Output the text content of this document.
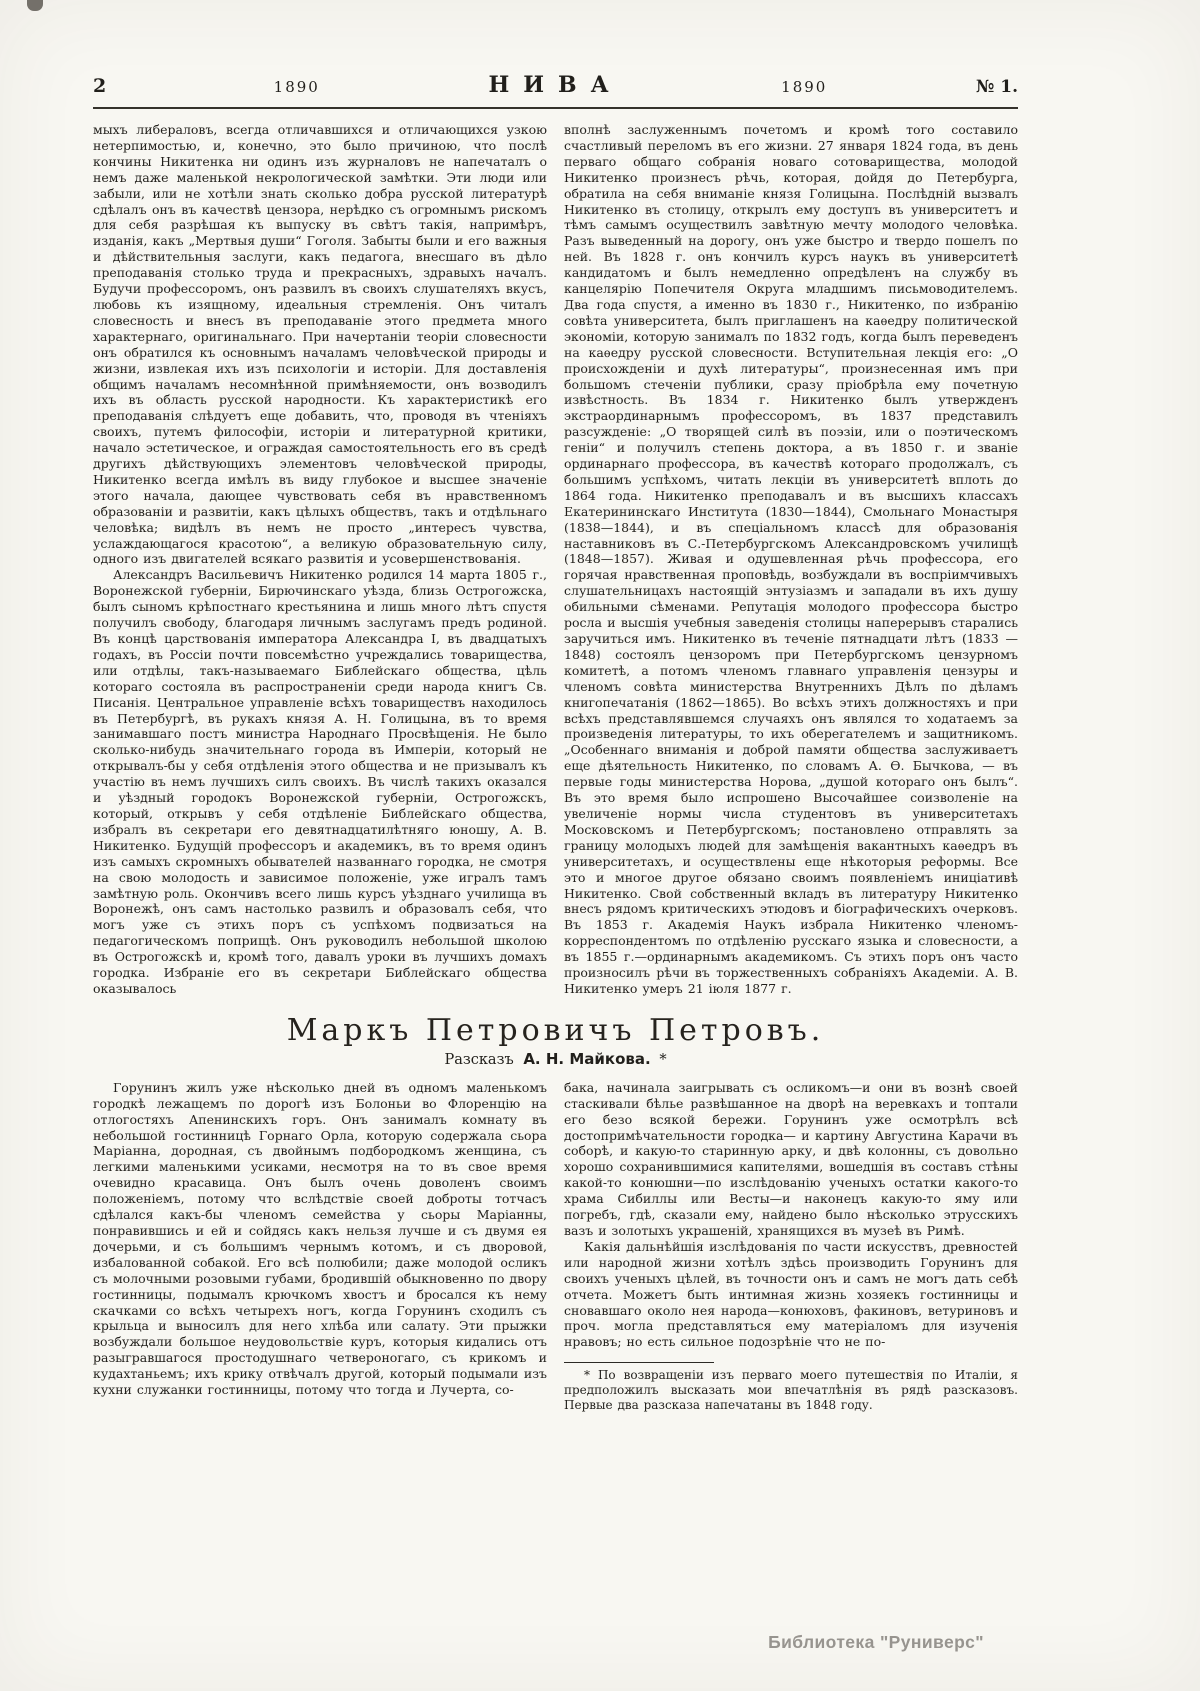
2	1890	НИВА	1890	№ 1.

мыхъ либераловъ, всегда отличавшихся и отличающихся узкою нетерпимостью, и, конечно, это было причиною, что послѣ кончины Никитенка ни одинъ изъ журналовъ не напечаталъ о немъ даже маленькой некрологической замѣтки. Эти люди или забыли, или не хотѣли знать сколько добра русской литературѣ сдѣлалъ онъ въ качествѣ цензора, нерѣдко съ огромнымъ рискомъ для себя разрѣшая къ выпуску въ свѣтъ такія, напримѣръ, изданія, какъ „Мертвыя души“ Гоголя. Забыты были и его важныя и дѣйствительныя заслуги, какъ педагога, внесшаго въ дѣло преподаванія столько труда и прекрасныхъ, здравыхъ началъ. Будучи профессоромъ, онъ развилъ въ своихъ слушателяхъ вкусъ, любовь къ изящному, идеальныя стремленія. Онъ читалъ словесность и внесъ въ преподаваніе этого предмета много характернаго, оригинальнаго. При начертаніи теоріи словесности онъ обратился къ основнымъ началамъ человѣческой природы и жизни, извлекая ихъ изъ психологіи и исторіи. Для доставленія общимъ началамъ несомнѣнной примѣняемости, онъ возводилъ ихъ въ область русской народности. Къ характеристикѣ его преподаванія слѣдуетъ еще добавить, что, проводя въ чтеніяхъ своихъ, путемъ философіи, исторіи и литературной критики, начало эстетическое, и ограждая самостоятельность его въ средѣ другихъ дѣйствующихъ элементовъ человѣческой природы, Никитенко всегда имѣлъ въ виду глубокое и высшее значеніе этого начала, дающее чувствовать себя въ нравственномъ образованіи и развитіи, какъ цѣлыхъ обществъ, такъ и отдѣльнаго человѣка; видѣлъ въ немъ не просто „интересъ чувства, услаждающагося красотою“, а великую образовательную силу, одного изъ двигателей всякаго развитія и усовершенствованія.

Александръ Васильевичъ Никитенко родился 14 марта 1805 г., Воронежской губерніи, Бирючинскаго уѣзда, близь Острогожска, былъ сыномъ крѣпостнаго крестьянина и лишь много лѣтъ спустя получилъ свободу, благодаря личнымъ заслугамъ предъ родиной. Въ концѣ царствованія императора Александра I, въ двадцатыхъ годахъ, въ Россіи почти повсемѣстно учреждались товарищества, или отдѣлы, такъ-называемаго Библейскаго общества, цѣль котораго состояла въ распространеніи среди народа книгъ Св. Писанія. Центральное управленіе всѣхъ товариществъ находилось въ Петербургѣ, въ рукахъ князя А. Н. Голицына, въ то время занимавшаго постъ министра Народнаго Просвѣщенія. Не было сколько-нибудь значительнаго города въ Имперіи, который не открывалъ-бы у себя отдѣленія этого общества и не призывалъ къ участію въ немъ лучшихъ силъ своихъ. Въ числѣ такихъ оказался и уѣздный городокъ Воронежской губерніи, Острогожскъ, который, открывъ у себя отдѣленіе Библейскаго общества, избралъ въ секретари его девятнадцатилѣтняго юношу, А. В. Никитенко. Будущій профессоръ и академикъ, въ то время одинъ изъ самыхъ скромныхъ обывателей названнаго городка, не смотря на свою молодость и зависимое положеніе, уже игралъ тамъ замѣтную роль. Окончивъ всего лишь курсъ уѣзднаго училища въ Воронежѣ, онъ самъ настолько развилъ и образовалъ себя, что могъ уже съ этихъ поръ съ успѣхомъ подвизаться на педагогическомъ поприщѣ. Онъ руководилъ небольшой школою въ Острогожскѣ и, кромѣ того, давалъ уроки въ лучшихъ домахъ городка. Избраніе его въ секретари Библейскаго общества оказывалось

вполнѣ заслуженнымъ почетомъ и кромѣ того составило счастливый переломъ въ его жизни. 27 января 1824 года, въ день перваго общаго собранія новаго сотоварищества, молодой Никитенко произнесъ рѣчь, которая, дойдя до Петербурга, обратила на себя вниманіе князя Голицына. Послѣдній вызвалъ Никитенко въ столицу, открылъ ему доступъ въ университетъ и тѣмъ самымъ осуществилъ завѣтную мечту молодого человѣка. Разъ выведенный на дорогу, онъ уже быстро и твердо пошелъ по ней. Въ 1828 г. онъ кончилъ курсъ наукъ въ университетѣ кандидатомъ и былъ немедленно опредѣленъ на службу въ канцелярію Попечителя Округа младшимъ письмоводителемъ. Два года спустя, а именно въ 1830 г., Никитенко, по избранію совѣта университета, былъ приглашенъ на каѳедру политической экономіи, которую занималъ по 1832 годъ, когда былъ переведенъ на каѳедру русской словесности. Вступительная лекція его: „О происхожденіи и духѣ литературы“, произнесенная имъ при большомъ стеченіи публики, сразу пріобрѣла ему почетную извѣстность. Въ 1834 г. Никитенко былъ утвержденъ экстраординарнымъ профессоромъ, въ 1837 представилъ разсужденіе: „О творящей силѣ въ поэзіи, или о поэтическомъ геніи“ и получилъ степень доктора, а въ 1850 г. и званіе ординарнаго профессора, въ качествѣ котораго продолжалъ, съ большимъ успѣхомъ, читать лекціи въ университетѣ вплоть до 1864 года. Никитенко преподавалъ и въ высшихъ классахъ Екатерининскаго Института (1830—1844), Смольнаго Монастыря (1838—1844), и въ спеціальномъ классѣ для образованія наставниковъ въ С.-Петербургскомъ Александровскомъ училищѣ (1848—1857). Живая и одушевленная рѣчь профессора, его горячая нравственная проповѣдь, возбуждали въ воспріимчивыхъ слушательницахъ настоящій энтузіазмъ и западали въ ихъ душу обильными сѣменами. Репутація молодого профессора быстро росла и высшія учебныя заведенія столицы наперерывъ старались заручиться имъ. Никитенко въ теченіе пятнадцати лѣтъ (1833 — 1848) состоялъ цензоромъ при Петербургскомъ цензурномъ комитетѣ, а потомъ членомъ главнаго управленія цензуры и членомъ совѣта министерства Внутреннихъ Дѣлъ по дѣламъ книгопечатанія (1862—1865). Во всѣхъ этихъ должностяхъ и при всѣхъ представлявшемся случаяхъ онъ являлся то ходатаемъ за произведенія литературы, то ихъ оберегателемъ и защитникомъ. „Особеннаго вниманія и доброй памяти общества заслуживаетъ еще дѣятельность Никитенко, по словамъ А. Ѳ. Бычкова, — въ первые годы министерства Норова, „душой котораго онъ былъ“. Въ это время было испрошено Высочайшее соизволеніе на увеличеніе нормы числа студентовъ въ университетахъ Московскомъ и Петербургскомъ; постановлено отправлять за границу молодыхъ людей для замѣщенія вакантныхъ каѳедръ въ университетахъ, и осуществлены еще нѣкоторыя реформы. Все это и многое другое обязано своимъ появленіемъ иниціативѣ Никитенко. Свой собственный вкладъ въ литературу Никитенко внесъ рядомъ критическихъ этюдовъ и біографическихъ очерковъ. Въ 1853 г. Академія Наукъ избрала Никитенко членомъ-корреспондентомъ по отдѣленію русскаго языка и словесности, а въ 1855 г.—ординарнымъ академикомъ. Съ этихъ поръ онъ часто произносилъ рѣчи въ торжественныхъ собраніяхъ Академіи. А. В. Никитенко умеръ 21 іюля 1877 г.

Маркъ Петровичъ Петровъ.
Разсказъ А. Н. Майкова. *

Горунинъ жилъ уже нѣсколько дней въ одномъ маленькомъ городкѣ лежащемъ по дорогѣ изъ Болоньи во Флоренцію на отлогостяхъ Апенинскихъ горъ. Онъ занималъ комнату въ небольшой гостинницѣ Горнаго Орла, которую содержала сьора Маріанна, дородная, съ двойнымъ подбородкомъ женщина, съ легкими маленькими усиками, несмотря на то въ свое время очевидно красавица. Онъ былъ очень доволенъ своимъ положеніемъ, потому что вслѣдствіе своей доброты тотчасъ сдѣлался какъ-бы членомъ семейства у сьоры Маріанны, понравившись и ей и сойдясь какъ нельзя лучше и съ двумя ея дочерьми, и съ большимъ чернымъ котомъ, и съ дворовой, избалованной собакой. Его всѣ полюбили; даже молодой осликъ съ молочными розовыми губами, бродившій обыкновенно по двору гостинницы, подымалъ крючкомъ хвостъ и бросался къ нему скачками со всѣхъ четырехъ ногъ, когда Горунинъ сходилъ съ крыльца и выносилъ для него хлѣба или салату. Эти прыжки возбуждали большое неудовольствіе куръ, которыя кидались отъ разыгравшагося простодушнаго четвероногаго, съ крикомъ и кудахтаньемъ; ихъ крику отвѣчалъ другой, который подымали изъ кухни служанки гостинницы, потому что тогда и Лучерта, со-

бака, начинала заигрывать съ осликомъ—и они въ вознѣ своей стаскивали бѣлье развѣшанное на дворѣ на веревкахъ и топтали его безо всякой бережи. Горунинъ уже осмотрѣлъ всѣ достопримѣчательности городка— и картину Августина Карачи въ соборѣ, и какую-то старинную арку, и двѣ колонны, съ довольно хорошо сохранившимися капителями, вошедшія въ составъ стѣны какой-то конюшни—по изслѣдованію ученыхъ остатки какого-то храма Сибиллы или Весты—и наконецъ какую-то яму или погребъ, гдѣ, сказали ему, найдено было нѣсколько этрусскихъ вазъ и золотыхъ украшеній, хранящихся въ музеѣ въ Римѣ.

Какія дальнѣйшія изслѣдованія по части искусствъ, древностей или народной жизни хотѣлъ здѣсь производить Горунинъ для своихъ ученыхъ цѣлей, въ точности онъ и самъ не могъ дать себѣ отчета. Можетъ быть интимная жизнь хозяекъ гостинницы и сновавшаго около нея народа—конюховъ, факиновъ, ветуриновъ и проч. могла представляться ему матеріаломъ для изученія нравовъ; но есть сильное подозрѣніе что не по-

* По возвращеніи изъ перваго моего путешествія по Италіи, я предположилъ высказать мои впечатлѣнія въ рядѣ разсказовъ. Первые два разсказа напечатаны въ 1848 году.

Библиотека "Руниверс"
